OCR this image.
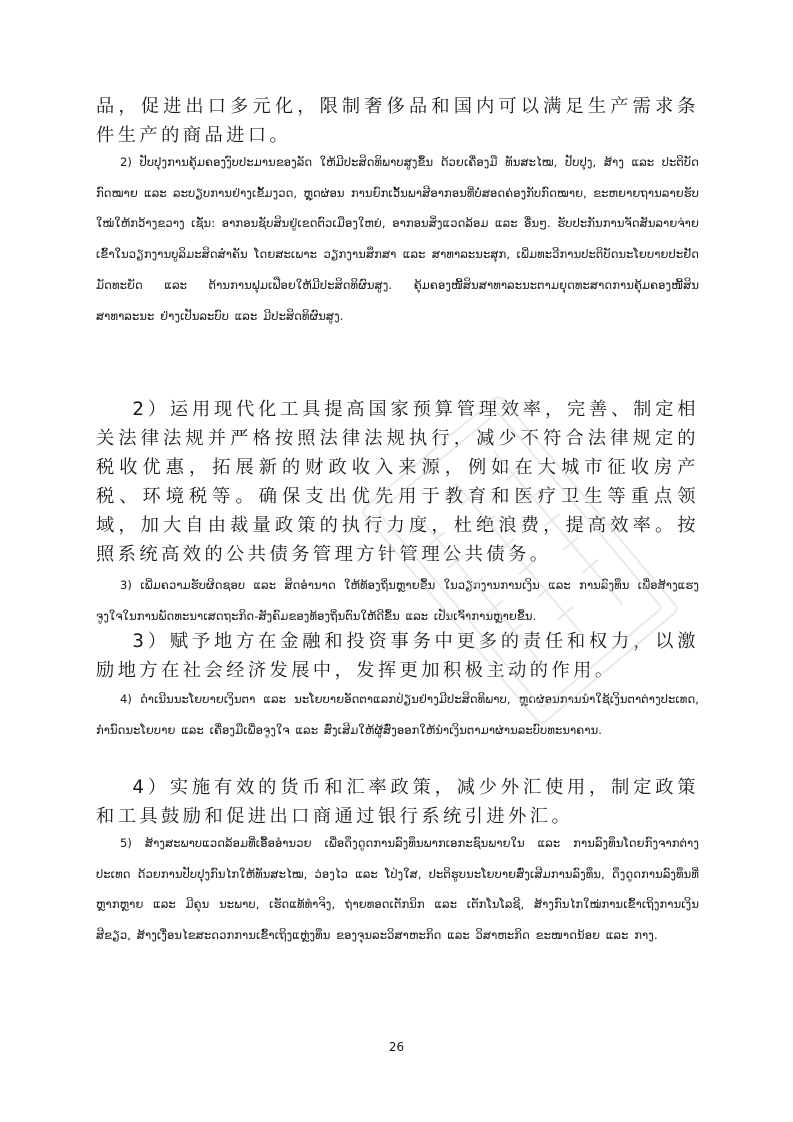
品，促进出口多元化，限制奢侈品和国内可以满足生产需求条件生产的商品进口。

2) ປັບປຸງການຄຸ້ມຄອງງົບປະມານຂອງລັດ ໃຫ້ມີປະສິດທິພາບສູງຂຶ້ນ ດ້ວຍເຄື່ອງມື ທັນສະໄໝ, ປັບປຸງ, ສ້າງ ແລະ ປະຕິບັດກົດໝາຍ ແລະ ລະບຽບການຢ່າງເຂັ້ມງວດ, ຫຼຸດຜ່ອນ ການຍົກເວັ້ນພາສີອາກອນທີ່ບໍ່ສອດຄ່ອງກັບກົດໝາຍ, ຂະຫຍາຍຖານລາຍຮັບໃໝ່ໃຫ້ກວ້າງຂວາງ ເຊັ່ນ: ອາກອນຊັບສິນຢູ່ເຂດຕົວເມືອງໃຫຍ່, ອາກອນສິ່ງແວດລ້ອມ ແລະ ອື່ນໆ. ຮັບປະກັນການຈັດສັນລາຍຈ່າຍເຂົ້າໃນວຽກງານບູລິມະສິດສຳຄັນ ໂດຍສະເພາະ ວຽກງານສຶກສາ ແລະ ສາທາລະນະສຸກ, ເພີ່ມທະວີການປະຕິບັດນະໂຍບາຍປະຢັດມັດທະຍັດ ແລະ ຕ້ານການຟຸມເຟືອຍໃຫ້ມີປະສິດທິຜົນສູງ. ຄຸ້ມຄອງໜີ້ສິນສາທາລະນະຕາມຍຸດທະສາດການຄຸ້ມຄອງໜີ້ສິນສາທາລະນະ ຢ່າງເປັນລະບົບ ແລະ ມີປະສິດທິຜົນສູງ.

2）运用现代化工具提高国家预算管理效率，完善、制定相关法律法规并严格按照法律法规执行，减少不符合法律规定的税收优惠，拓展新的财政收入来源，例如在大城市征收房产税、环境税等。确保支出优先用于教育和医疗卫生等重点领域，加大自由裁量政策的执行力度，杜绝浪费，提高效率。按照系统高效的公共债务管理方针管理公共债务。

3) ເພີ່ມຄວາມຮັບຜິດຊອບ ແລະ ສິດອຳນາດ ໃຫ້ທ້ອງຖິ່ນຫຼາຍຂຶ້ນ ໃນວຽກງານການເງິນ ແລະ ການລົງທຶນ ເພື່ອສ້າງແຮງຈູງໃຈໃນການພັດທະນາເສດຖະກິດ-ສັງຄົມຂອງທ້ອງຖິ່ນຕົນໃຫ້ດີຂຶ້ນ ແລະ ເປັນເຈົ້າການຫຼາຍຂຶ້ນ.

3）赋予地方在金融和投资事务中更多的责任和权力，以激励地方在社会经济发展中，发挥更加积极主动的作用。

4) ດຳເນີນນະໂຍບາຍເງິນຕາ ແລະ ນະໂຍບາຍອັດຕາແລກປ່ຽນຢ່າງມີປະສິດທິພາບ, ຫຼຸດຜ່ອນການນຳໃຊ້ເງິນຕາຕ່າງປະເທດ, ກຳນົດນະໂຍບາຍ ແລະ ເຄື່ອງມືເພື່ອຈູງໃຈ ແລະ ສົ່ງເສີມໃຫ້ຜູ້ສົ່ງອອກໃຫ້ນຳເງິນຕາມາຜ່ານລະບົບທະນາຄານ.

4）实施有效的货币和汇率政策，减少外汇使用，制定政策和工具鼓励和促进出口商通过银行系统引进外汇。

5) ສ້າງສະພາບແວດລ້ອມທີ່ເອື້ອອຳນວຍ ເພື່ອດຶງດູດການລົງທຶນພາກເອກະຊົນພາຍໃນ ແລະ ການລົງທຶນໂດຍກົງຈາກຕ່າງປະເທດ ດ້ວຍການປັບປຸງກົນໄກໃຫ້ທັນສະໄໝ, ວ່ອງໄວ ແລະ ໂປ່ງໃສ, ປະຕິຮູບນະໂຍບາຍສົ່ງເສີມການລົງທຶນ, ດຶງດູດການລົງທຶນທີ່ຫຼາກຫຼາຍ ແລະ ມີຄຸນ ນະພາບ, ເຮັດແທ້ທຳຈິງ, ຖ່າຍທອດເຕັກນິກ ແລະ ເຕັກໂນໂລຊີ, ສ້າງກົນໄກໃໝ່ການເຂົ້າເຖິງການເງິນ ສີຂຽວ, ສ້າງເງື່ອນໄຂສະດວກການເຂົ້າເຖິງແຫຼ່ງທຶນ ຂອງຈຸນລະວິສາຫະກິດ ແລະ ວິສາຫະກິດ ຂະໜາດນ້ອຍ ແລະ ກາງ.

26
